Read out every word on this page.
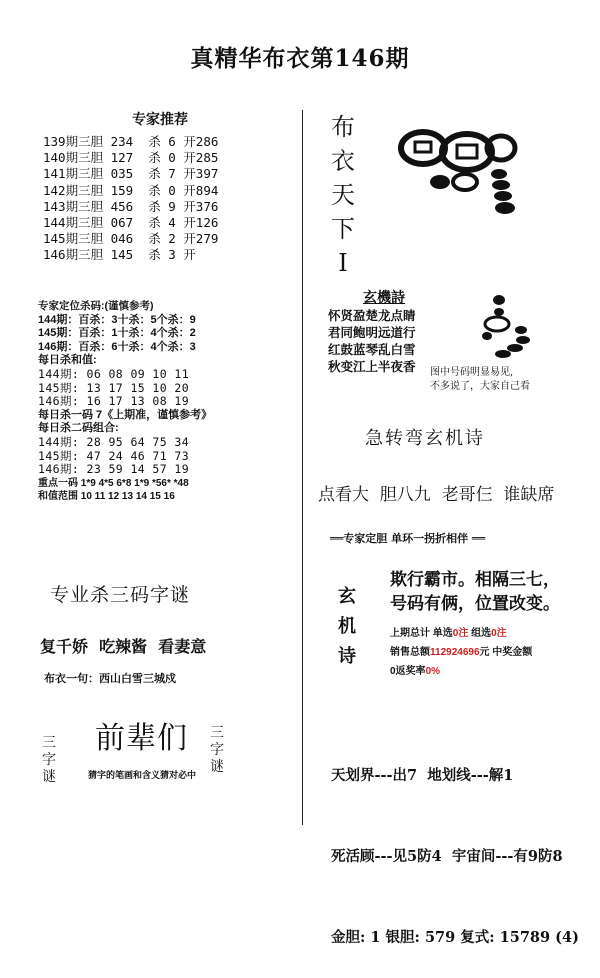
真精华布衣第146期
专家推荐
139期三胆 234  杀 6 开286
140期三胆 127  杀 0 开285
141期三胆 035  杀 7 开397
142期三胆 159  杀 0 开894
143期三胆 456  杀 9 开376
144期三胆 067  杀 4 开126
145期三胆 046  杀 2 开279
146期三胆 145  杀 3 开
专家定位杀码:(谨慎参考)
144期：百杀：3十杀：5个杀：9
145期：百杀：1十杀：4个杀：2
146期：百杀：6十杀：4个杀：3
每日杀和值:
144期: 06 08 09 10 11
145期: 13 17 15 10 20
146期: 16 17 13 08 19
每日杀一码 7《上期准，谨慎参考》
每日杀二码组合:
144期: 28 95 64 75 34
145期: 47 24 46 71 73
146期: 23 59 14 57 19
重点一码 1*9 4*5 6*8 1*9 *56* *48
和值范围 10 11 12 13 14 15 16
专业杀三码字谜
复千娇  吃辣酱  看妻意
布衣一句：西山白雪三城戍
三字谜
前辈们
猜字的笔画和含义猜对必中
三字谜
布
衣
天
下
I
玄機詩
怀贤盈楚龙点睛
君同鲍明远道行
红鼓蓝琴乱白雪
秋变江上半夜香	图中号码明显易见,
不多说了，大家自己看
急转弯玄机诗
点看大  胆八九  老哥仨  谁缺席
══专家定胆 单环一拐折相伴 ══
玄
机
诗
欺行霸市。相隔三七，
号码有俩，位置改变。
上期总计 单选0注 组选0注
销售总额112924696元 中奖金额
0返奖率0%

天划界---出7  地划线---解1

死活顾---见5防4  宇宙间---有9防8

金胆: 1 银胆: 579 复式: 15789 (4)
